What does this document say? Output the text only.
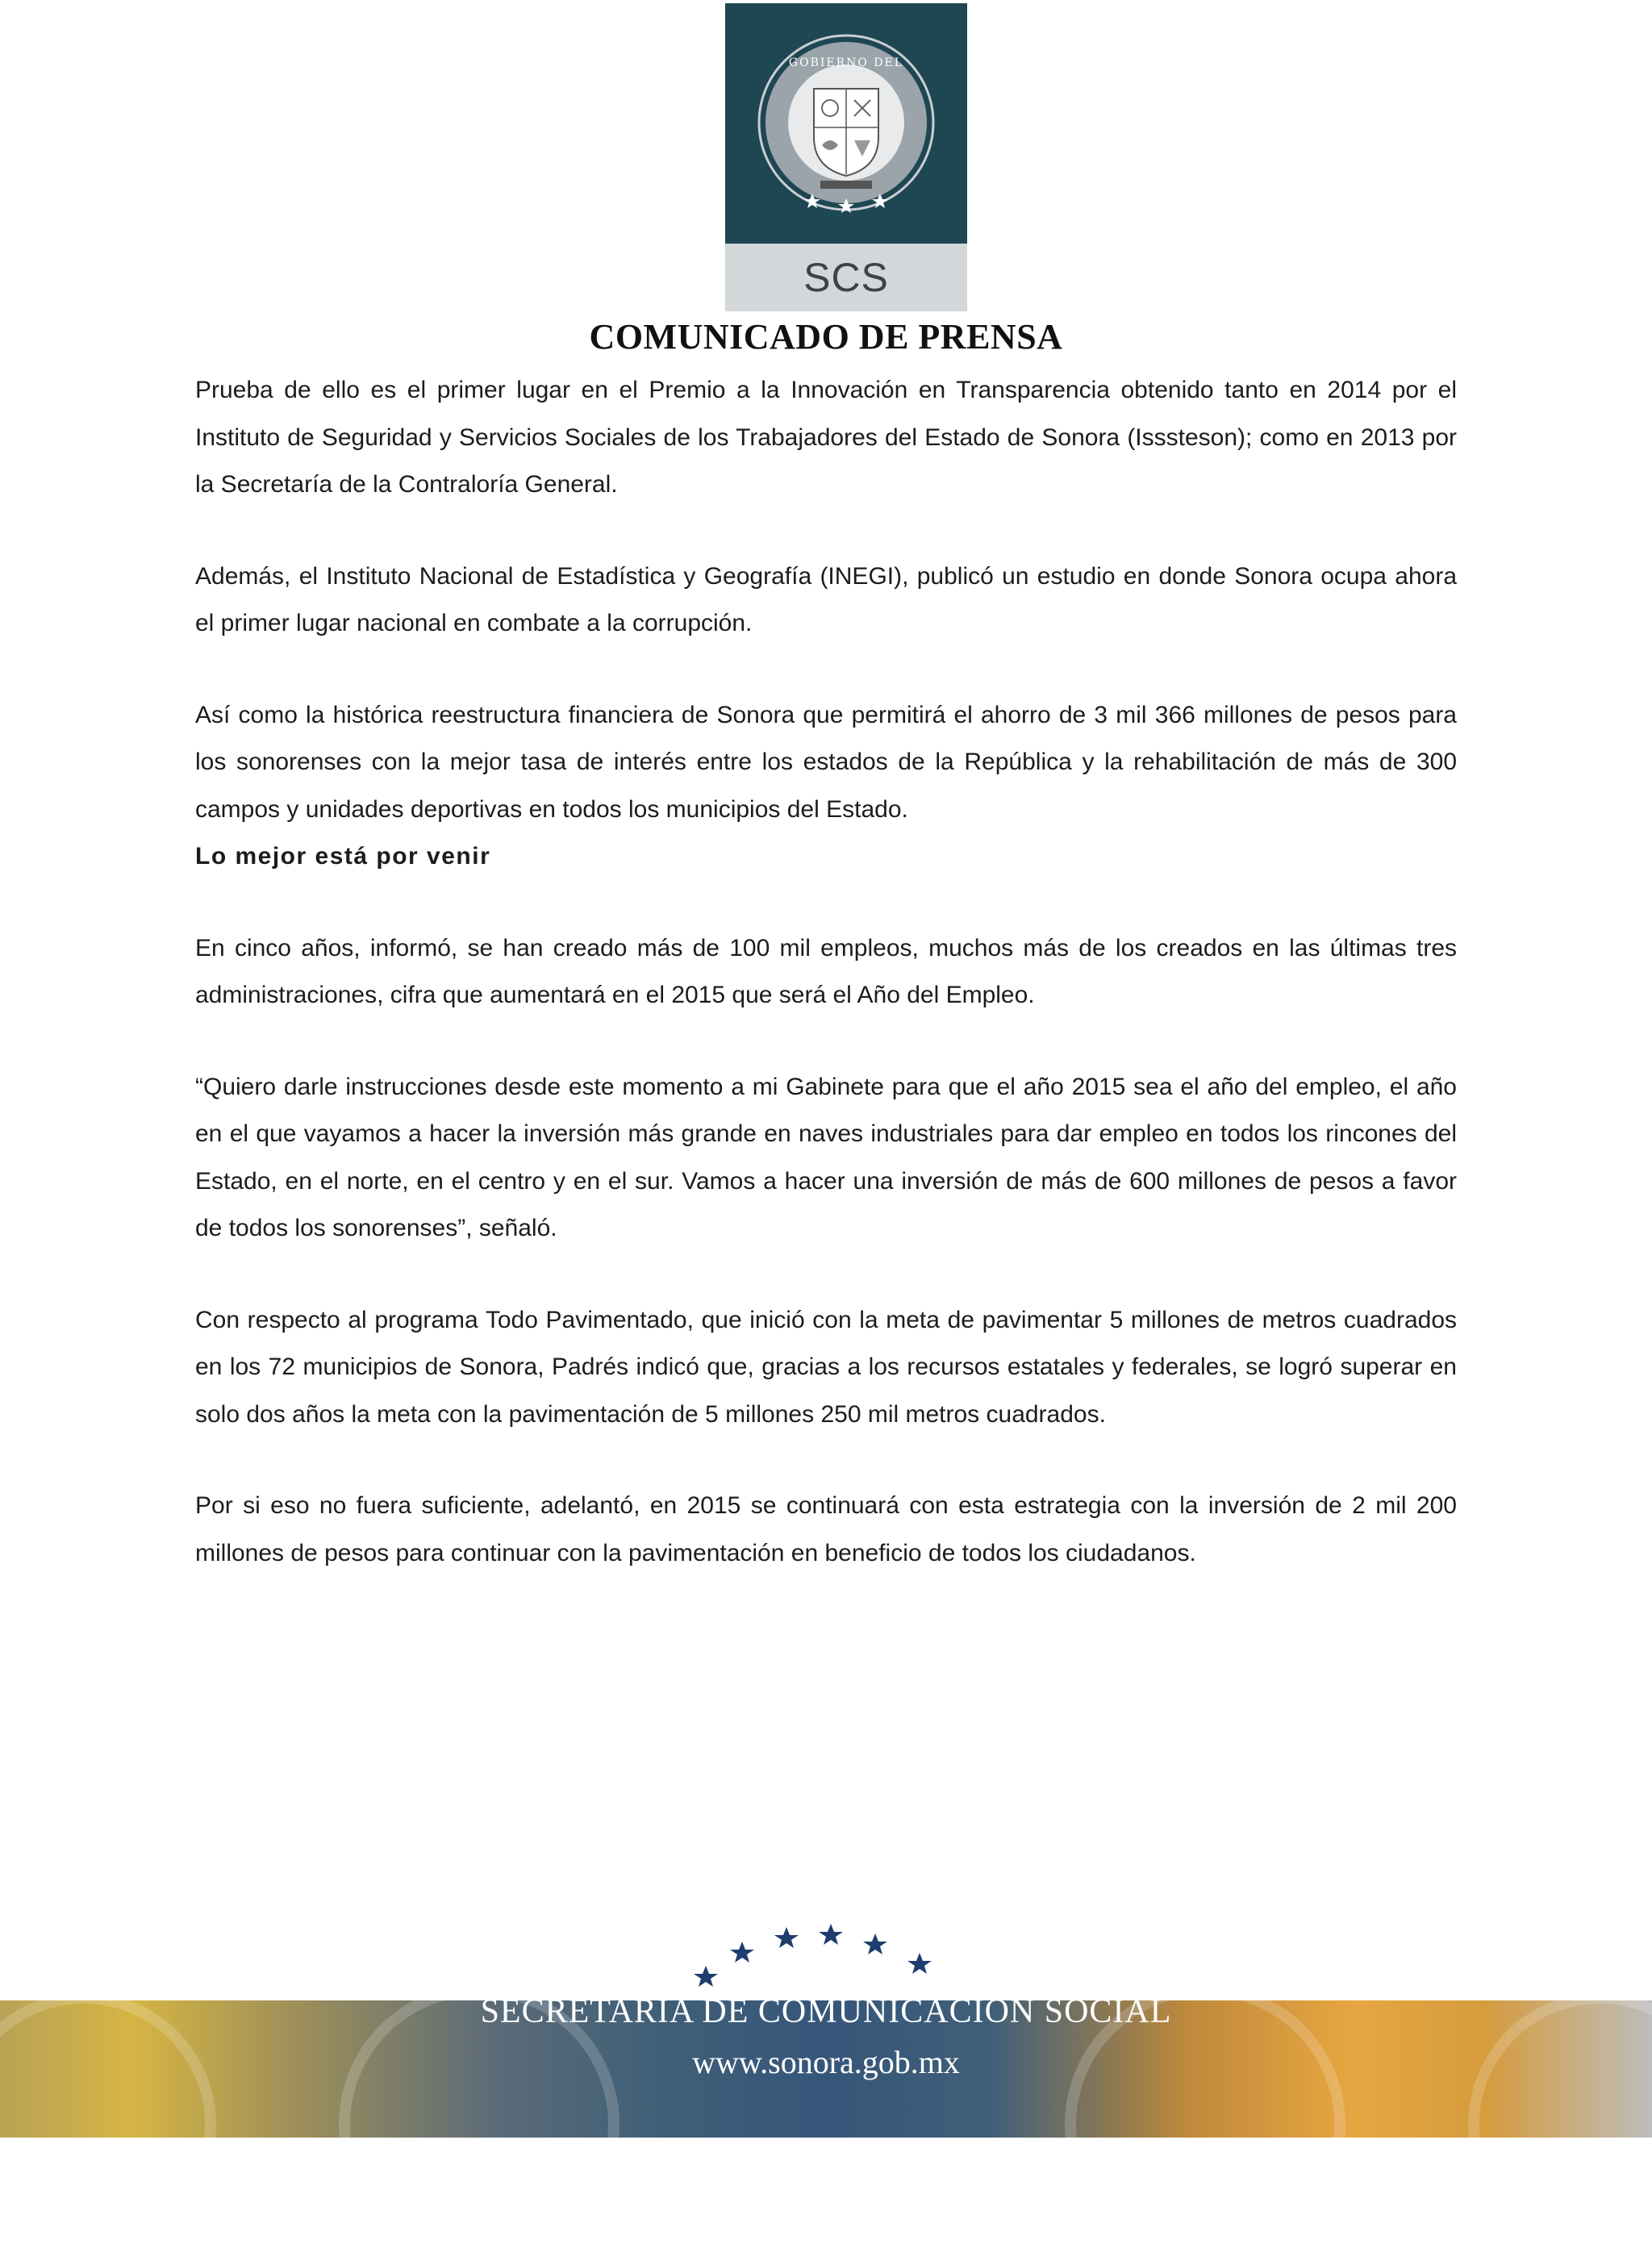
GOBIERNO DEL
SCS
COMUNICADO DE PRENSA

Prueba de ello es el primer lugar en el Premio a la Innovación en Transparencia obtenido tanto en 2014 por el Instituto de Seguridad y Servicios Sociales de los Trabajadores del Estado de Sonora (Isssteson); como en 2013 por la Secretaría de la Contraloría General.

Además, el Instituto Nacional de Estadística y Geografía (INEGI), publicó un estudio en donde Sonora ocupa ahora el primer lugar nacional en combate a la corrupción.

Así como la histórica reestructura financiera de Sonora que permitirá el ahorro de 3 mil 366 millones de pesos para los sonorenses con la mejor tasa de interés entre los estados de la República y la rehabilitación de más de 300 campos y unidades deportivas en todos los municipios del Estado.

Lo mejor está por venir

En cinco años, informó, se han creado más de 100 mil empleos, muchos más de los creados en las últimas tres administraciones, cifra que aumentará en el 2015 que será el Año del Empleo.

“Quiero darle instrucciones desde este momento a mi Gabinete para que el año 2015 sea el año del empleo, el año en el que vayamos a hacer la inversión más grande en naves industriales para dar empleo en todos los rincones del Estado, en el norte, en el centro y en el sur. Vamos a hacer una inversión de más de 600 millones de pesos a favor de todos los sonorenses”, señaló.

Con respecto al programa Todo Pavimentado, que inició con la meta de pavimentar 5 millones de metros cuadrados en los 72 municipios de Sonora, Padrés indicó que, gracias a los recursos estatales y federales, se logró superar en solo dos años la meta con la pavimentación de 5 millones 250 mil metros cuadrados.

Por si eso no fuera suficiente, adelantó, en 2015 se continuará con esta estrategia con la inversión de 2 mil 200 millones de pesos para continuar con la pavimentación en beneficio de todos los ciudadanos.

SECRETARIA DE COMUNICACION SOCIAL

www.sonora.gob.mx
